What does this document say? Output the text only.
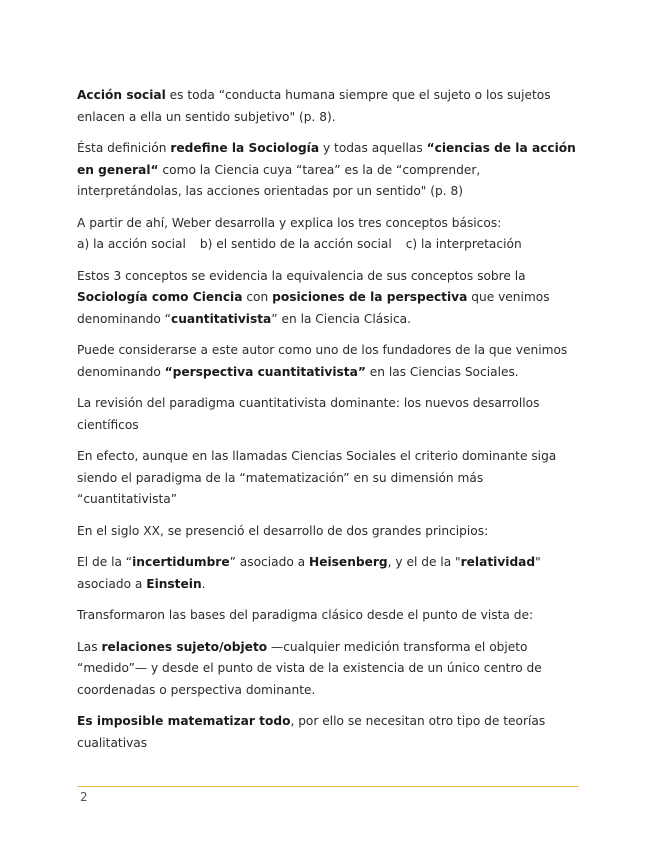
Acción social es toda “conducta humana siempre que el sujeto o los sujetos enlacen a ella un sentido subjetivo" (p. 8).

Ésta definición redefine la Sociología y todas aquellas “ciencias de la acción en general“ como la Ciencia cuya “tarea” es la de “comprender, interpretándolas, las acciones orientadas por un sentido" (p. 8)

A partir de ahí, Weber desarrolla y explica los tres conceptos básicos:

a) la acción social b) el sentido de la acción social c) la interpretación

Estos 3 conceptos se evidencia la equivalencia de sus conceptos sobre la Sociología como Ciencia con posiciones de la perspectiva que venimos denominando “cuantitativista” en la Ciencia Clásica.

Puede considerarse a este autor como uno de los fundadores de la que venimos denominando “perspectiva cuantitativista” en las Ciencias Sociales.

La revisión del paradigma cuantitativista dominante: los nuevos desarrollos científicos

En efecto, aunque en las llamadas Ciencias Sociales el criterio dominante siga siendo el paradigma de la “matematización” en su dimensión más “cuantitativista”

En el siglo XX, se presenció el desarrollo de dos grandes principios:

El de la “incertidumbre” asociado a Heisenberg, y el de la "relatividad" asociado a Einstein.

Transformaron las bases del paradigma clásico desde el punto de vista de:

Las relaciones sujeto/objeto —cualquier medición transforma el objeto “medido”— y desde el punto de vista de la existencia de un único centro de coordenadas o perspectiva dominante.

Es imposible matematizar todo, por ello se necesitan otro tipo de teorías cualitativas

2
